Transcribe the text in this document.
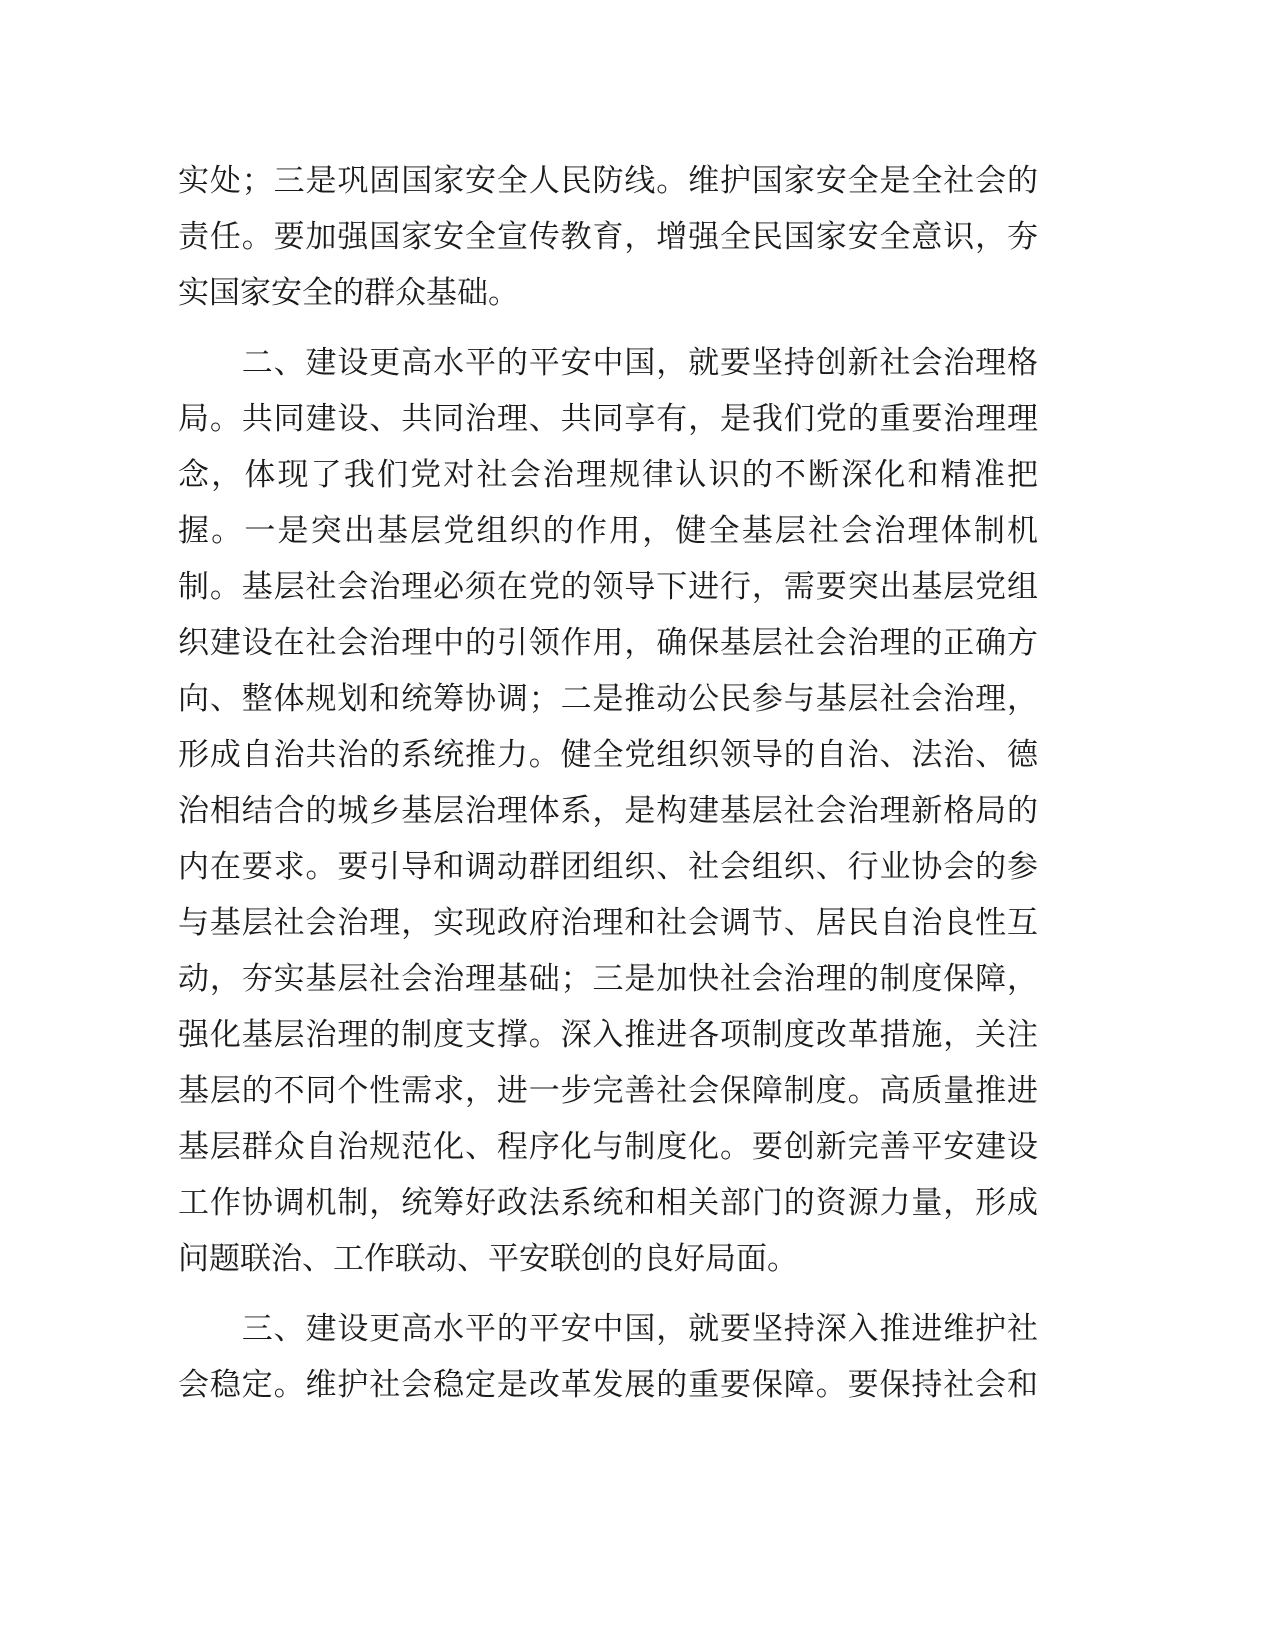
实处；三是巩固国家安全人民防线。维护国家安全是全社会的
责任。要加强国家安全宣传教育，增强全民国家安全意识，夯
实国家安全的群众基础。
　　二、建设更高水平的平安中国，就要坚持创新社会治理格
局。共同建设、共同治理、共同享有，是我们党的重要治理理
念，体现了我们党对社会治理规律认识的不断深化和精准把
握。一是突出基层党组织的作用，健全基层社会治理体制机
制。基层社会治理必须在党的领导下进行，需要突出基层党组
织建设在社会治理中的引领作用，确保基层社会治理的正确方
向、整体规划和统筹协调；二是推动公民参与基层社会治理，
形成自治共治的系统推力。健全党组织领导的自治、法治、德
治相结合的城乡基层治理体系，是构建基层社会治理新格局的
内在要求。要引导和调动群团组织、社会组织、行业协会的参
与基层社会治理，实现政府治理和社会调节、居民自治良性互
动，夯实基层社会治理基础；三是加快社会治理的制度保障，
强化基层治理的制度支撑。深入推进各项制度改革措施，关注
基层的不同个性需求，进一步完善社会保障制度。高质量推进
基层群众自治规范化、程序化与制度化。要创新完善平安建设
工作协调机制，统筹好政法系统和相关部门的资源力量，形成
问题联治、工作联动、平安联创的良好局面。
　　三、建设更高水平的平安中国，就要坚持深入推进维护社
会稳定。维护社会稳定是改革发展的重要保障。要保持社会和
